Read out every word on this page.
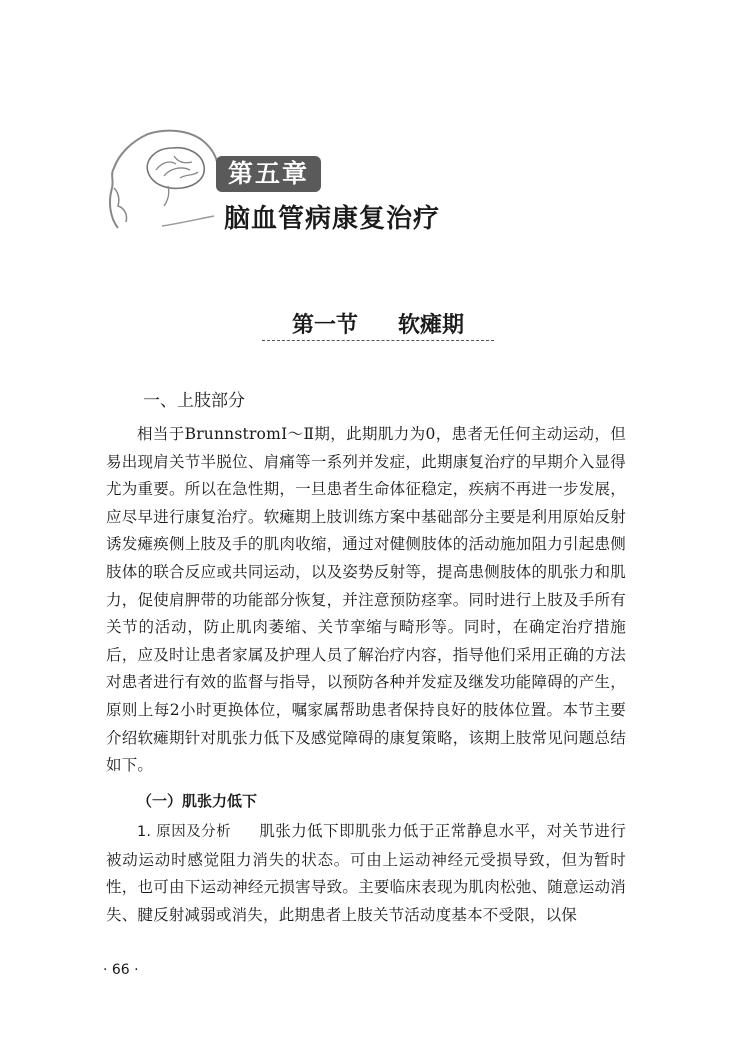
第五章
脑血管病康复治疗
第一节 软瘫期
一、上肢部分

相当于BrunnstromⅠ～Ⅱ期，此期肌力为0，患者无任何主动运动，但易出现肩关节半脱位、肩痛等一系列并发症，此期康复治疗的早期介入显得尤为重要。所以在急性期，一旦患者生命体征稳定，疾病不再进一步发展，应尽早进行康复治疗。软瘫期上肢训练方案中基础部分主要是利用原始反射诱发瘫痪侧上肢及手的肌肉收缩，通过对健侧肢体的活动施加阻力引起患侧肢体的联合反应或共同运动，以及姿势反射等，提高患侧肢体的肌张力和肌力，促使肩胛带的功能部分恢复，并注意预防痉挛。同时进行上肢及手所有关节的活动，防止肌肉萎缩、关节挛缩与畸形等。同时，在确定治疗措施后，应及时让患者家属及护理人员了解治疗内容，指导他们采用正确的方法对患者进行有效的监督与指导，以预防各种并发症及继发功能障碍的产生，原则上每2小时更换体位，嘱家属帮助患者保持良好的肢体位置。本节主要介绍软瘫期针对肌张力低下及感觉障碍的康复策略，该期上肢常见问题总结如下。

（一）肌张力低下

1. 原因及分析 肌张力低下即肌张力低于正常静息水平，对关节进行被动运动时感觉阻力消失的状态。可由上运动神经元受损导致，但为暂时性，也可由下运动神经元损害导致。主要临床表现为肌肉松弛、随意运动消失、腱反射减弱或消失，此期患者上肢关节活动度基本不受限，以保

· 66 ·
